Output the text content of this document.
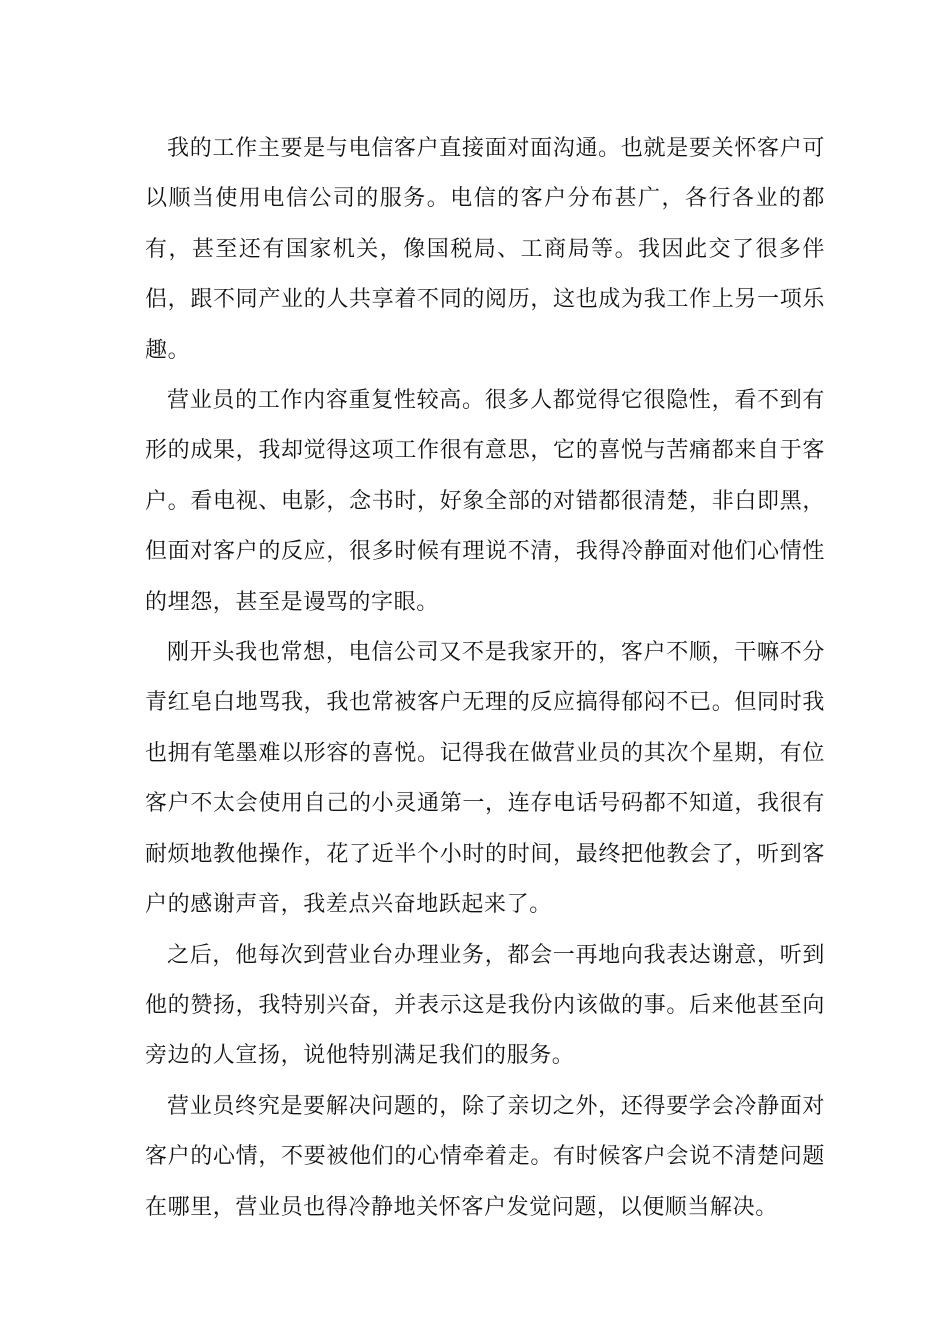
我的工作主要是与电信客户直接面对面沟通。也就是要关怀客户可以顺当使用电信公司的服务。电信的客户分布甚广，各行各业的都有，甚至还有国家机关，像国税局、工商局等。我因此交了很多伴侣，跟不同产业的人共享着不同的阅历，这也成为我工作上另一项乐趣。

营业员的工作内容重复性较高。很多人都觉得它很隐性，看不到有形的成果，我却觉得这项工作很有意思，它的喜悦与苦痛都来自于客户。看电视、电影，念书时，好象全部的对错都很清楚，非白即黑，但面对客户的反应，很多时候有理说不清，我得冷静面对他们心情性的埋怨，甚至是谩骂的字眼。

刚开头我也常想，电信公司又不是我家开的，客户不顺，干嘛不分青红皂白地骂我，我也常被客户无理的反应搞得郁闷不已。但同时我也拥有笔墨难以形容的喜悦。记得我在做营业员的其次个星期，有位客户不太会使用自己的小灵通第一，连存电话号码都不知道，我很有耐烦地教他操作，花了近半个小时的时间，最终把他教会了，听到客户的感谢声音，我差点兴奋地跃起来了。

之后，他每次到营业台办理业务，都会一再地向我表达谢意，听到他的赞扬，我特别兴奋，并表示这是我份内该做的事。后来他甚至向旁边的人宣扬，说他特别满足我们的服务。

营业员终究是要解决问题的，除了亲切之外，还得要学会冷静面对客户的心情，不要被他们的心情牵着走。有时候客户会说不清楚问题在哪里，营业员也得冷静地关怀客户发觉问题，以便顺当解决。
